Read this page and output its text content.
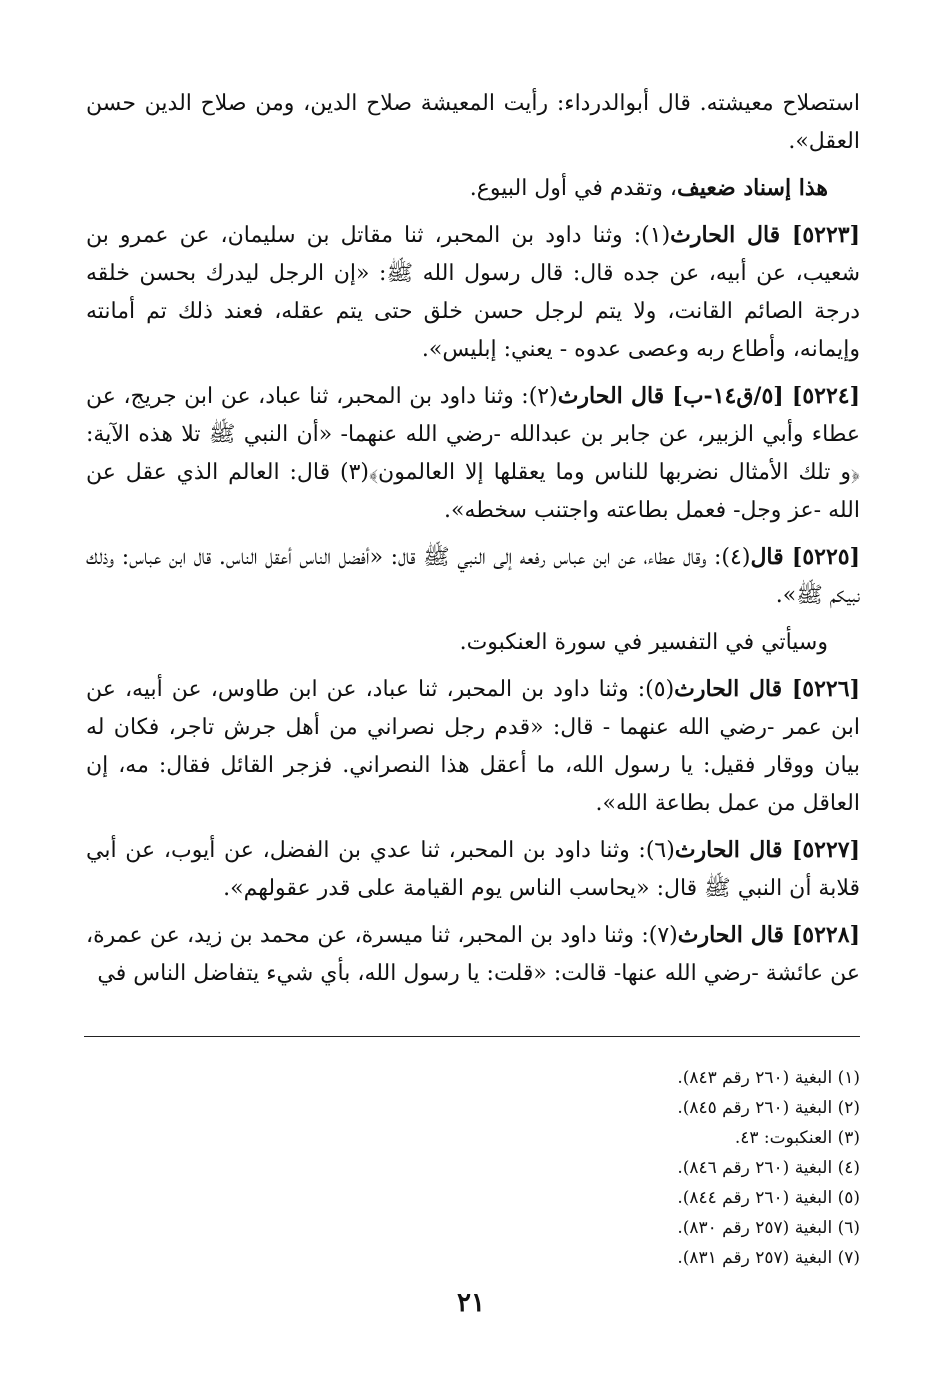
استصلاح معيشته. قال أبوالدرداء: رأيت المعيشة صلاح الدين، ومن صلاح الدين حسن العقل».

هذا إسناد ضعيف، وتقدم في أول البيوع.

[٥٢٢٣] قال الحارث(١): وثنا داود بن المحبر، ثنا مقاتل بن سليمان، عن عمرو بن شعيب، عن أبيه، عن جده قال: قال رسول الله ﷺ: «إن الرجل ليدرك بحسن خلقه درجة الصائم القانت، ولا يتم لرجل حسن خلق حتى يتم عقله، فعند ذلك تم أمانته وإيمانه، وأطاع ربه وعصى عدوه - يعني: إبليس».

[٥٢٢٤] [٥/ق١٤-ب] قال الحارث(٢): وثنا داود بن المحبر، ثنا عباد، عن ابن جريج، عن عطاء وأبي الزبير، عن جابر بن عبدالله -رضي الله عنهما- «أن النبي ﷺ تلا هذه الآية: ﴿و تلك الأمثال نضربها للناس وما يعقلها إلا العالمون﴾(٣) قال: العالم الذي عقل عن الله -عز وجل- فعمل بطاعته واجتنب سخطه».

[٥٢٢٥] قال(٤): وقال عطاء، عن ابن عباس رفعه إلى النبي ﷺ قال: «أفضل الناس أعقل الناس. قال ابن عباس: وذلك نبيكم ﷺ».

وسيأتي في التفسير في سورة العنكبوت.

[٥٢٢٦] قال الحارث(٥): وثنا داود بن المحبر، ثنا عباد، عن ابن طاوس، عن أبيه، عن ابن عمر -رضي الله عنهما - قال: «قدم رجل نصراني من أهل جرش تاجر، فكان له بيان ووقار فقيل: يا رسول الله، ما أعقل هذا النصراني. فزجر القائل فقال: مه، إن العاقل من عمل بطاعة الله».

[٥٢٢٧] قال الحارث(٦): وثنا داود بن المحبر، ثنا عدي بن الفضل، عن أيوب، عن أبي قلابة أن النبي ﷺ قال: «يحاسب الناس يوم القيامة على قدر عقولهم».

[٥٢٢٨] قال الحارث(٧): وثنا داود بن المحبر، ثنا ميسرة، عن محمد بن زيد، عن عمرة، عن عائشة -رضي الله عنها- قالت: «قلت: يا رسول الله، بأي شيء يتفاضل الناس في

(١) البغية (٢٦٠ رقم ٨٤٣).

(٢) البغية (٢٦٠ رقم ٨٤٥).

(٣) العنكبوت: ٤٣.

(٤) البغية (٢٦٠ رقم ٨٤٦).

(٥) البغية (٢٦٠ رقم ٨٤٤).

(٦) البغية (٢٥٧ رقم ٨٣٠).

(٧) البغية (٢٥٧ رقم ٨٣١).

٢١
